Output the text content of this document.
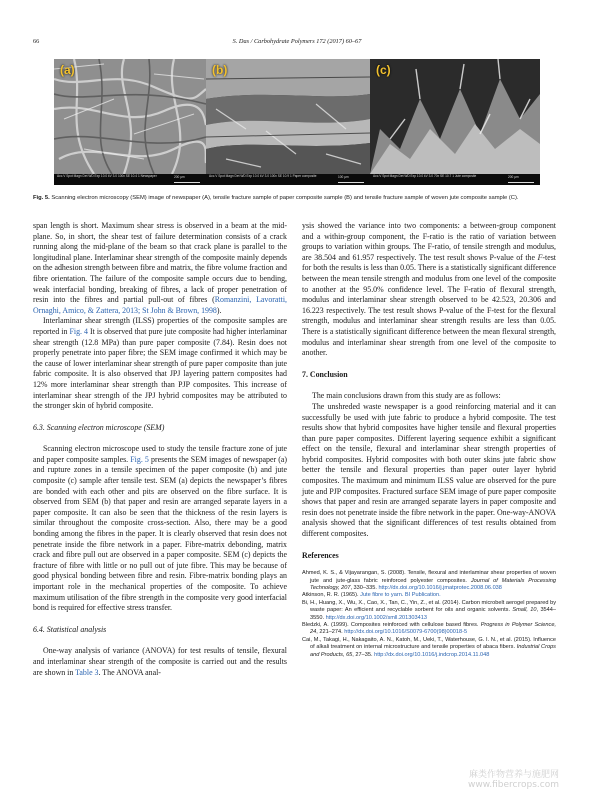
66	S. Das / Carbohydrate Polymers 172 (2017) 60–67
(a)
Acc.V Spot Magn Det WD Exp 10.0 kV 3.0 100x SE 10.4 1 Newspaper	200 µm
(b)
Acc.V Spot Magn Det WD Exp 10.0 kV 3.0 100x SE 10.9 1 Paper composite	100 µm
(c)
Acc.V Spot Magn Det WD Exp 10.0 kV 3.0 70x SE 10.7 1 Jute composite	200 µm
Fig. 5. Scanning electron microscopy (SEM) image of newspaper (A), tensile fracture sample of paper composite sample (B) and tensile fracture sample of woven jute composite sample (C).

span length is short. Maximum shear stress is observed in a beam at the mid-plane. So, in short, the shear test of failure determination consists of a crack running along the mid-plane of the beam so that crack plane is parallel to the longitudinal plane. Interlaminar shear strength of the composite mainly depends on the adhesion strength between fibre and matrix, the fibre volume fraction and fibre orientation. The failure of the composite sample occurs due to bending, weak interfacial bonding, breaking of fibres, a lack of proper penetration of resin into the fibres and partial pull-out of fibres (Romanzini, Lavoratti, Ornaghi, Amico, & Zattera, 2013; St John & Brown, 1998).

Interlaminar shear strength (ILSS) properties of the composite samples are reported in Fig. 4 It is observed that pure jute composite had higher interlaminar shear strength (12.8 MPa) than pure paper composite (7.84). Resin does not properly penetrate into paper fibre; the SEM image confirmed it which may be the cause of lower interlaminar shear strength of pure paper composite than jute fabric composite. It is also observed that JPJ layering pattern composites had 12% more interlaminar shear strength than PJP composites. This increase of interlaminar shear strength of the JPJ hybrid composites may be attributed to the stronger skin of hybrid composite.

6.3. Scanning electron microscope (SEM)

Scanning electron microscope used to study the tensile fracture zone of jute and paper composite samples. Fig. 5 presents the SEM images of newspaper (a) and rupture zones in a tensile specimen of the paper composite (b) and jute composite (c) sample after tensile test. SEM (a) depicts the newspaper’s fibres are bonded with each other and pits are observed on the fibre surface. It is observed from SEM (b) that paper and resin are arranged separate layers in a paper composite. It can also be seen that the thickness of the resin layers is similar throughout the composite cross-section. Also, there may be a good bonding among the fibres in the paper. It is clearly observed that resin does not penetrate inside the fibre network in a paper. Fibre-matrix debonding, matrix crack and fibre pull out are observed in a paper composite. SEM (c) depicts the fracture of fibre with little or no pull out of jute fibre. This may be because of good physical bonding between fibre and resin. Fibre-matrix bonding plays an important role in the mechanical properties of the composite. To achieve maximum utilisation of the fibre strength in the composite very good interfacial bond is required for effective stress transfer.

6.4. Statistical analysis

One-way analysis of variance (ANOVA) for test results of tensile, flexural and interlaminar shear strength of the composite is carried out and the results are shown in Table 3. The ANOVA anal-

ysis showed the variance into two components: a between-group component and a within-group component, the F-ratio is the ratio of variation between groups to variation within groups. The F-ratio, of tensile strength and modulus, are 38.504 and 61.957 respectively. The test result shows P-value of the F-test for both the results is less than 0.05. There is a statistically significant difference between the mean tensile strength and modulus from one level of the composite to another at the 95.0% confidence level. The F-ratio of flexural strength, modulus and interlaminar shear strength observed to be 42.523, 20.306 and 16.223 respectively. The test result shows P-value of the F-test for the flexural strength, modulus and interlaminar shear strength results are less than 0.05. There is a statistically significant difference between the mean flexural strength, modulus and interlaminar shear strength from one level of the composite to another.

7. Conclusion

The main conclusions drawn from this study are as follows:

The unshreded waste newspaper is a good reinforcing material and it can successfully be used with jute fabric to produce a hybrid composite. The test results show that hybrid composites have higher tensile and flexural properties than pure paper composites. Different layering sequence exhibit a significant effect on the tensile, flexural and interlaminar shear strength properties of hybrid composites. Hybrid composites with both outer skins jute fabric show better the tensile and flexural properties than paper outer layer hybrid composites. The maximum and minimum ILSS value are observed for the pure jute and PJP composites. Fractured surface SEM image of pure paper composite shows that paper and resin are arranged separate layers in paper composite and resin does not penetrate inside the fibre network in the paper. One-way-ANOVA analysis showed that the significant differences of test results obtained from different composites.

References

Ahmed, K. S., & Vijayarangan, S. (2008). Tensile, flexural and interlaminar shear properties of woven jute and jute-glass fabric reinforced polyester composites. Journal of Materials Processing Technology, 207, 330–335. http://dx.doi.org/10.1016/j.jmatprotec.2008.06.038

Atkinson, R. R. (1965). Jute fibre to yarn. BI Publication.

Bi, H., Huang, X., Wu, X., Cao, X., Tan, C., Yin, Z., et al. (2014). Carbon microbelt aerogel prepared by waste paper: An efficient and recyclable sorbent for oils and organic solvents. Small, 10, 3544–3550. http://dx.doi.org/10.1002/smll.201303413

Bledzki, A. (1999). Composites reinforced with cellulose based fibres. Progress in Polymer Science, 24, 221–274. http://dx.doi.org/10.1016/S0079-6700(98)00018-5

Cai, M., Takagi, H., Nakagaito, A. N., Katoh, M., Ueki, T., Waterhouse, G. I. N., et al. (2015). Influence of alkali treatment on internal microstructure and tensile properties of abaca fibers. Industrial Crops and Products, 65, 27–35. http://dx.doi.org/10.1016/j.indcrop.2014.11.048

麻类作物营养与施肥网
www.fibercrops.com
